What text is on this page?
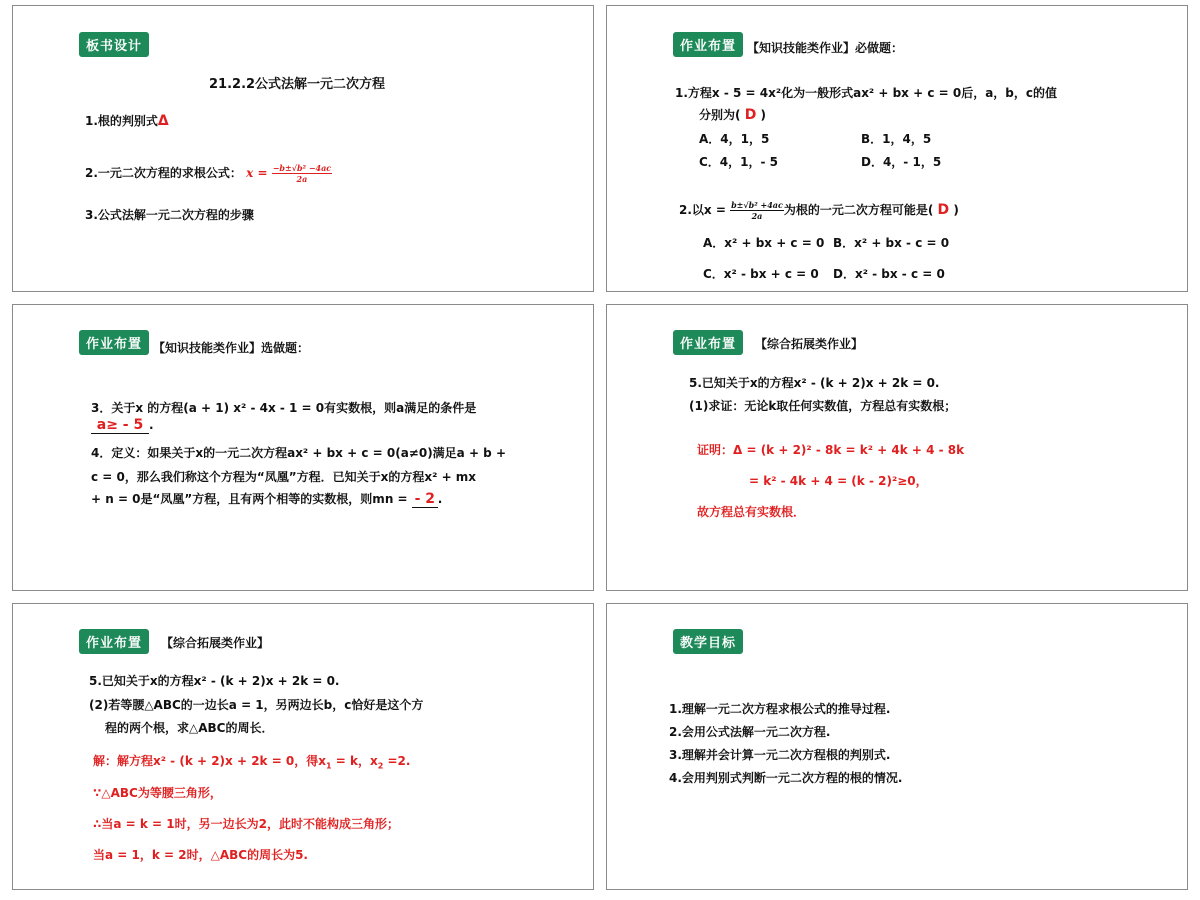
板书设计
21.2.2公式法解一元二次方程
1.根的判别式Δ
2.一元二次方程的求根公式： $x = \frac{\text{−b±√b² −4ac}}{2a}$
3.公式法解一元二次方程的步骤
作业布置 【知识技能类作业】必做题：
1.方程x - 5 = 4x²化为一般形式ax² + bx + c = 0后，a，b，c的值
分别为( D )
A．4，1，5	B．1，4，5
C．4，1，- 5	D．4，- 1，5
2.以$x = \frac{\text{b±√b² +4ac}}{2a}$ 为根的一元二次方程可能是( D )
A．x² + bx + c = 0 B．x² + bx - c = 0
C．x² - bx + c = 0 D．x² - bx - c = 0
作业布置 【知识技能类作业】选做题：
3．关于x 的方程(a + 1) x² - 4x - 1 = 0有实数根，则a满足的条件是
a≥ - 5 .
4．定义：如果关于x的一元二次方程ax² + bx + c = 0(a≠0)满足a + b +
c = 0，那么我们称这个方程为“凤凰”方程．已知关于x的方程x² + mx
+ n = 0是“凤凰”方程，且有两个相等的实数根，则mn = - 2 .
作业布置	【综合拓展类作业】
5.已知关于x的方程x² - (k + 2)x + 2k = 0.
(1)求证：无论k取任何实数值，方程总有实数根；
证明：Δ = (k + 2)² - 8k = k² + 4k + 4 - 8k
= k² - 4k + 4 = (k - 2)²≥0，
故方程总有实数根．
作业布置	【综合拓展类作业】
5.已知关于x的方程x² - (k + 2)x + 2k = 0.
(2)若等腰△ABC的一边长a = 1，另两边长b，c恰好是这个方
程的两个根，求△ABC的周长．
解：解方程x² - (k + 2)x + 2k = 0，得$x_1 = k$，$x_2 =2$.
∵△ABC为等腰三角形，
∴当a = k = 1时，另一边长为2，此时不能构成三角形；
当a = 1，k = 2时，△ABC的周长为5.
教学目标
1.理解一元二次方程求根公式的推导过程.
2.会用公式法解一元二次方程.
3.理解并会计算一元二次方程根的判别式.
4.会用判别式判断一元二次方程的根的情况.
